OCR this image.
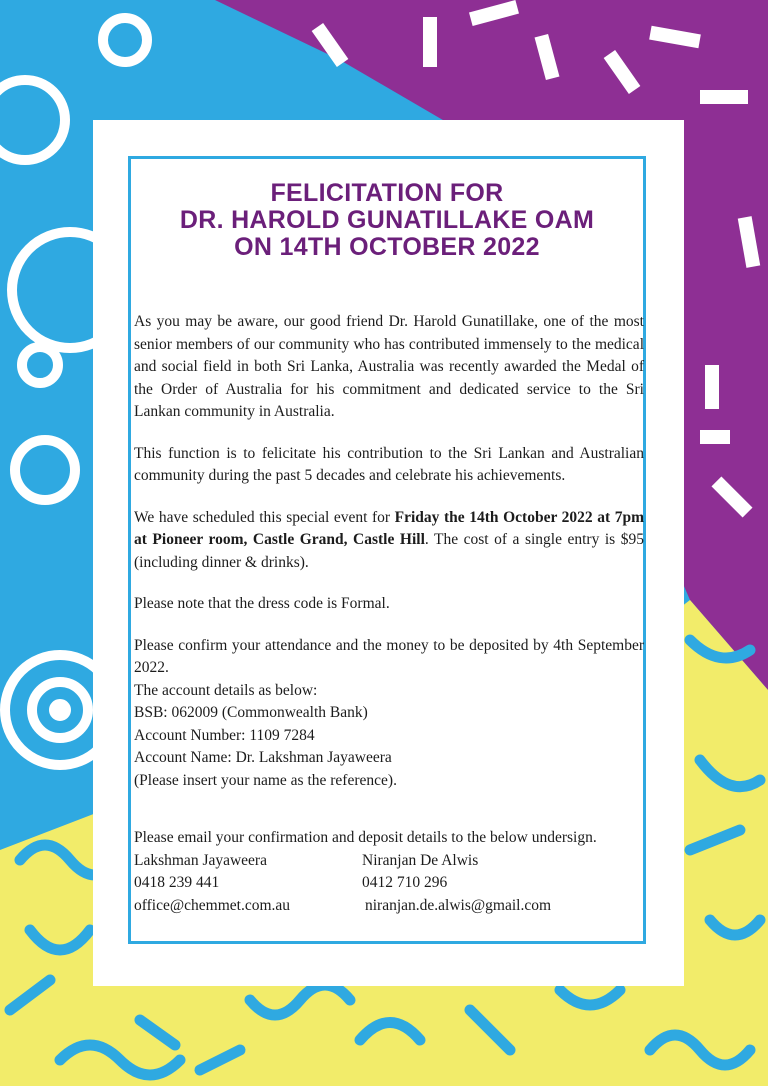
FELICITATION FOR
DR. HAROLD GUNATILLAKE OAM
ON 14TH OCTOBER 2022

As you may be aware, our good friend Dr. Harold Gunatillake, one of the most senior members of our community who has contributed immensely to the medical and social field in both Sri Lanka, Australia was recently awarded the Medal of the Order of Australia for his commitment and dedicated service to the Sri Lankan community in Australia.

This function is to felicitate his contribution to the Sri Lankan and Australian community during the past 5 decades and celebrate his achievements.

We have scheduled this special event for Friday the 14th October 2022 at 7pm at Pioneer room, Castle Grand, Castle Hill. The cost of a single entry is $95 (including dinner & drinks).

Please note that the dress code is Formal.

Please confirm your attendance and the money to be deposited by 4th September 2022.

The account details as below:

BSB: 062009 (Commonwealth Bank)

Account Number: 1109 7284

Account Name: Dr. Lakshman Jayaweera

(Please insert your name as the reference).

Please email your confirmation and deposit details to the below undersign.

Lakshman Jayaweera
0418 239 441
office@chemmet.com.au
Niranjan De Alwis
0412 710 296
niranjan.de.alwis@gmail.com
